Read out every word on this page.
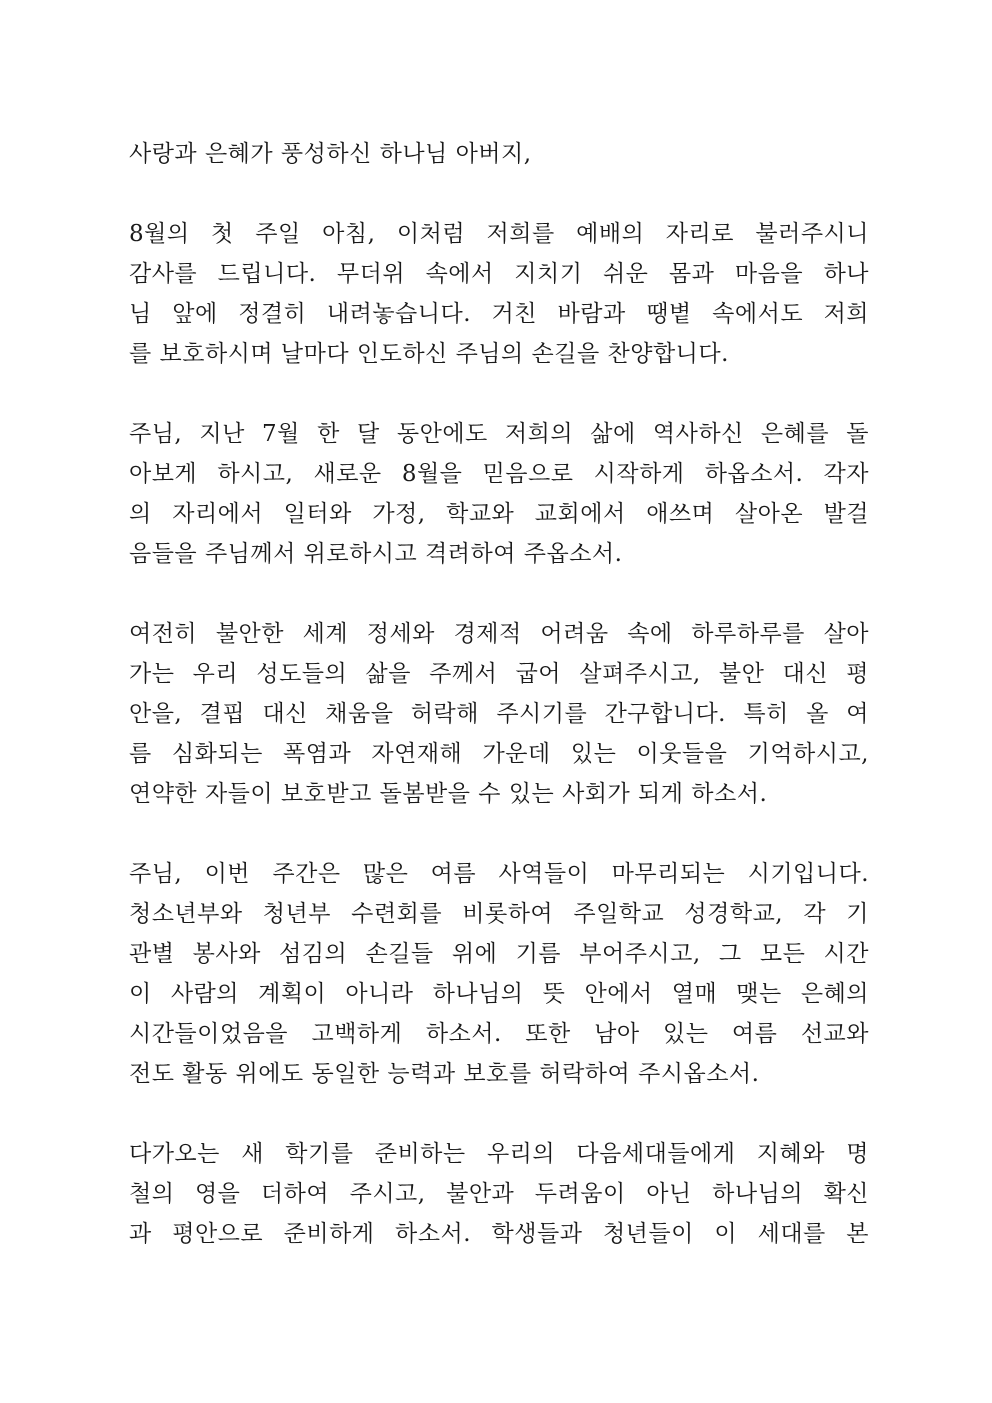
사랑과 은혜가 풍성하신 하나님 아버지,
8월의 첫 주일 아침, 이처럼 저희를 예배의 자리로 불러주시니
감사를 드립니다. 무더위 속에서 지치기 쉬운 몸과 마음을 하나
님 앞에 정결히 내려놓습니다. 거친 바람과 땡볕 속에서도 저희
를 보호하시며 날마다 인도하신 주님의 손길을 찬양합니다.
주님, 지난 7월 한 달 동안에도 저희의 삶에 역사하신 은혜를 돌
아보게 하시고, 새로운 8월을 믿음으로 시작하게 하옵소서. 각자
의 자리에서 일터와 가정, 학교와 교회에서 애쓰며 살아온 발걸
음들을 주님께서 위로하시고 격려하여 주옵소서.
여전히 불안한 세계 정세와 경제적 어려움 속에 하루하루를 살아
가는 우리 성도들의 삶을 주께서 굽어 살펴주시고, 불안 대신 평
안을, 결핍 대신 채움을 허락해 주시기를 간구합니다. 특히 올 여
름 심화되는 폭염과 자연재해 가운데 있는 이웃들을 기억하시고,
연약한 자들이 보호받고 돌봄받을 수 있는 사회가 되게 하소서.
주님, 이번 주간은 많은 여름 사역들이 마무리되는 시기입니다.
청소년부와 청년부 수련회를 비롯하여 주일학교 성경학교, 각 기
관별 봉사와 섬김의 손길들 위에 기름 부어주시고, 그 모든 시간
이 사람의 계획이 아니라 하나님의 뜻 안에서 열매 맺는 은혜의
시간들이었음을 고백하게 하소서. 또한 남아 있는 여름 선교와
전도 활동 위에도 동일한 능력과 보호를 허락하여 주시옵소서.
다가오는 새 학기를 준비하는 우리의 다음세대들에게 지혜와 명
철의 영을 더하여 주시고, 불안과 두려움이 아닌 하나님의 확신
과 평안으로 준비하게 하소서. 학생들과 청년들이 이 세대를 본
